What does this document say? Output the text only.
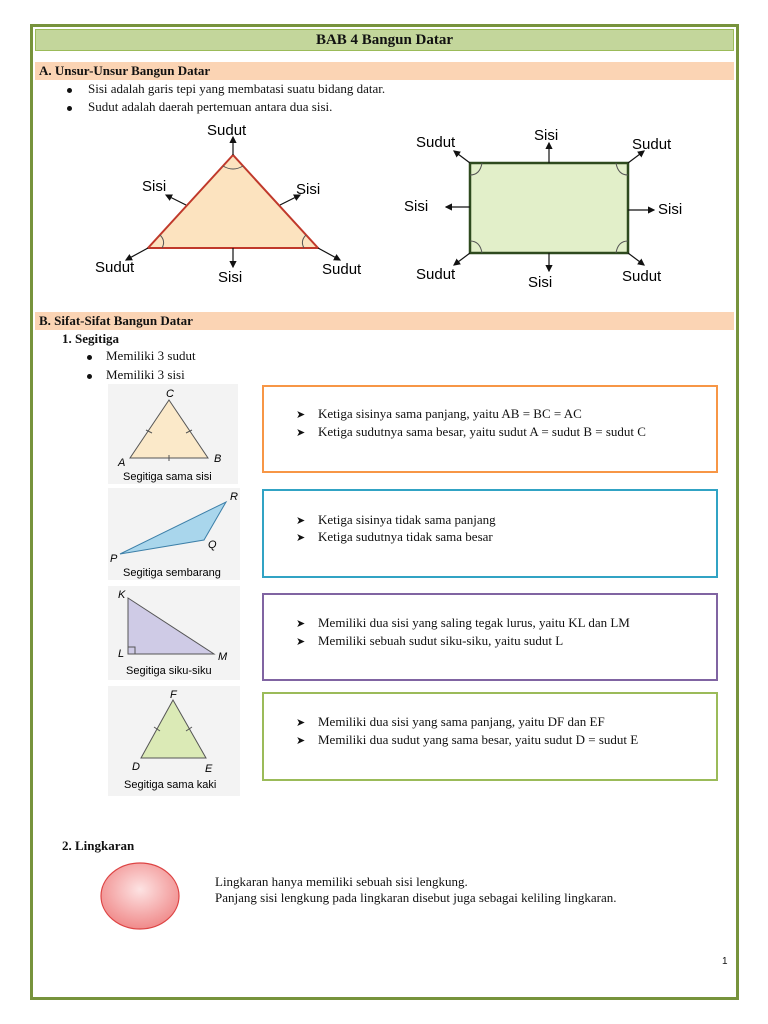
BAB 4 Bangun Datar
A. Unsur-Unsur Bangun Datar
Sisi adalah garis tepi yang membatasi suatu bidang datar.
Sudut adalah daerah pertemuan antara dua sisi.
Sudut
Sisi	Sisi
Sudut
Sisi	Sudut
Sudut	Sisi
Sudut
Sisi	Sisi
Sudut	Sisi	Sudut
B. Sifat-Sifat Bangun Datar
1. Segitiga
Memiliki 3 sudut
Memiliki 3 sisi
C
A	B
Segitiga sama sisi
➤ Ketiga sisinya sama panjang, yaitu AB = BC = AC
➤ Ketiga sudutnya sama besar, yaitu sudut A = sudut B = sudut C
R
P
Q
Segitiga sembarang
➤ Ketiga sisinya tidak sama panjang
➤ Ketiga sudutnya tidak sama besar
K
L	M
Segitiga siku-siku
➤ Memiliki dua sisi yang saling tegak lurus, yaitu KL dan LM
➤ Memiliki sebuah sudut siku-siku, yaitu sudut L
F
D	E
Segitiga sama kaki
➤ Memiliki dua sisi yang sama panjang, yaitu DF dan EF
➤ Memiliki dua sudut yang sama besar, yaitu sudut D = sudut E
2. Lingkaran
Lingkaran hanya memiliki sebuah sisi lengkung.
Panjang sisi lengkung pada lingkaran disebut juga sebagai keliling lingkaran.
1
